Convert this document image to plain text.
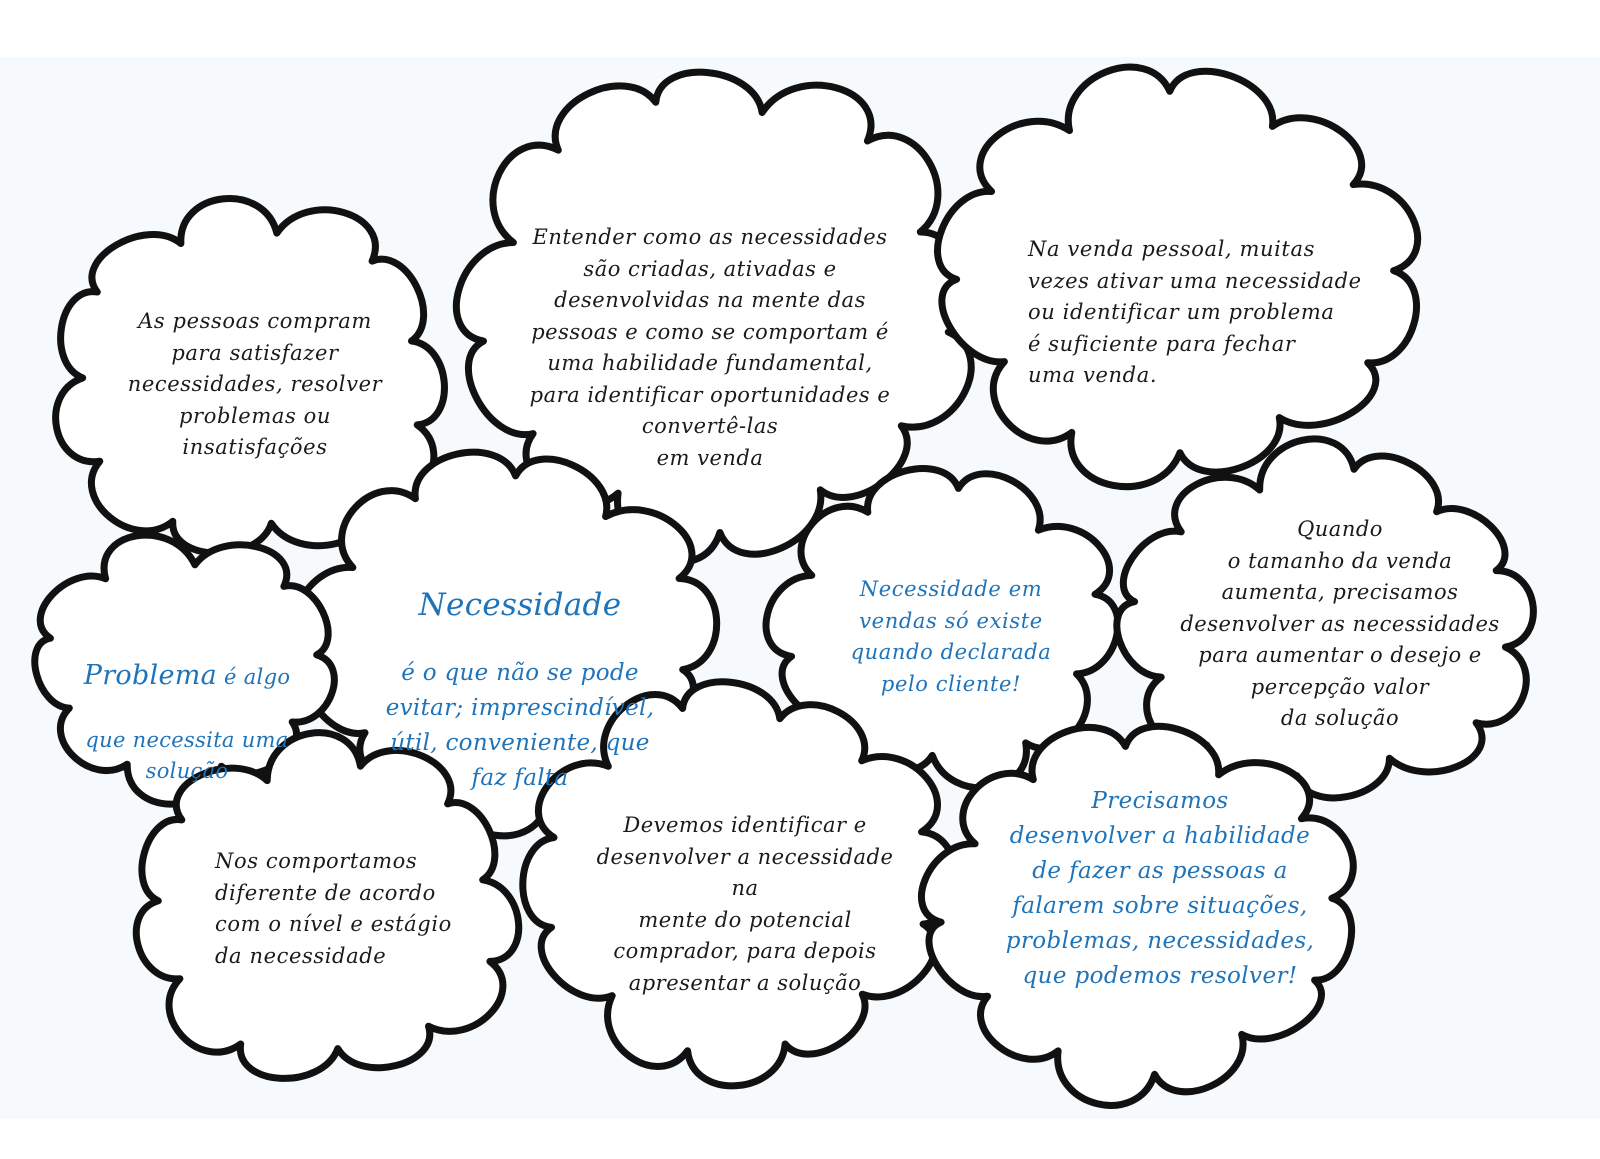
As pessoas compram
para satisfazer
necessidades, resolver
problemas ou
insatisfações
Entender como as necessidades
são criadas, ativadas e
desenvolvidas na mente das
pessoas e como se comportam é
uma habilidade fundamental,
para identificar oportunidades e
convertê-las
em venda
Na venda pessoal, muitas
vezes ativar uma necessidade
ou identificar um problema
é suficiente para fechar
uma venda.

Necessidade

é o que não se pode
evitar; imprescindível,
útil, conveniente, que
faz falta

Problema é algo

que necessita uma
solução

Necessidade em
vendas só existe
quando declarada
pelo cliente!
Quando
o tamanho da venda
aumenta, precisamos
desenvolver as necessidades
para aumentar o desejo e
percepção valor
da solução
Nos comportamos
diferente de acordo
com o nível e estágio
da necessidade
Devemos identificar e
desenvolver a necessidade na
mente do potencial
comprador, para depois
apresentar a solução
Precisamos
desenvolver a habilidade
de fazer as pessoas a
falarem sobre situações,
problemas, necessidades,
que podemos resolver!
